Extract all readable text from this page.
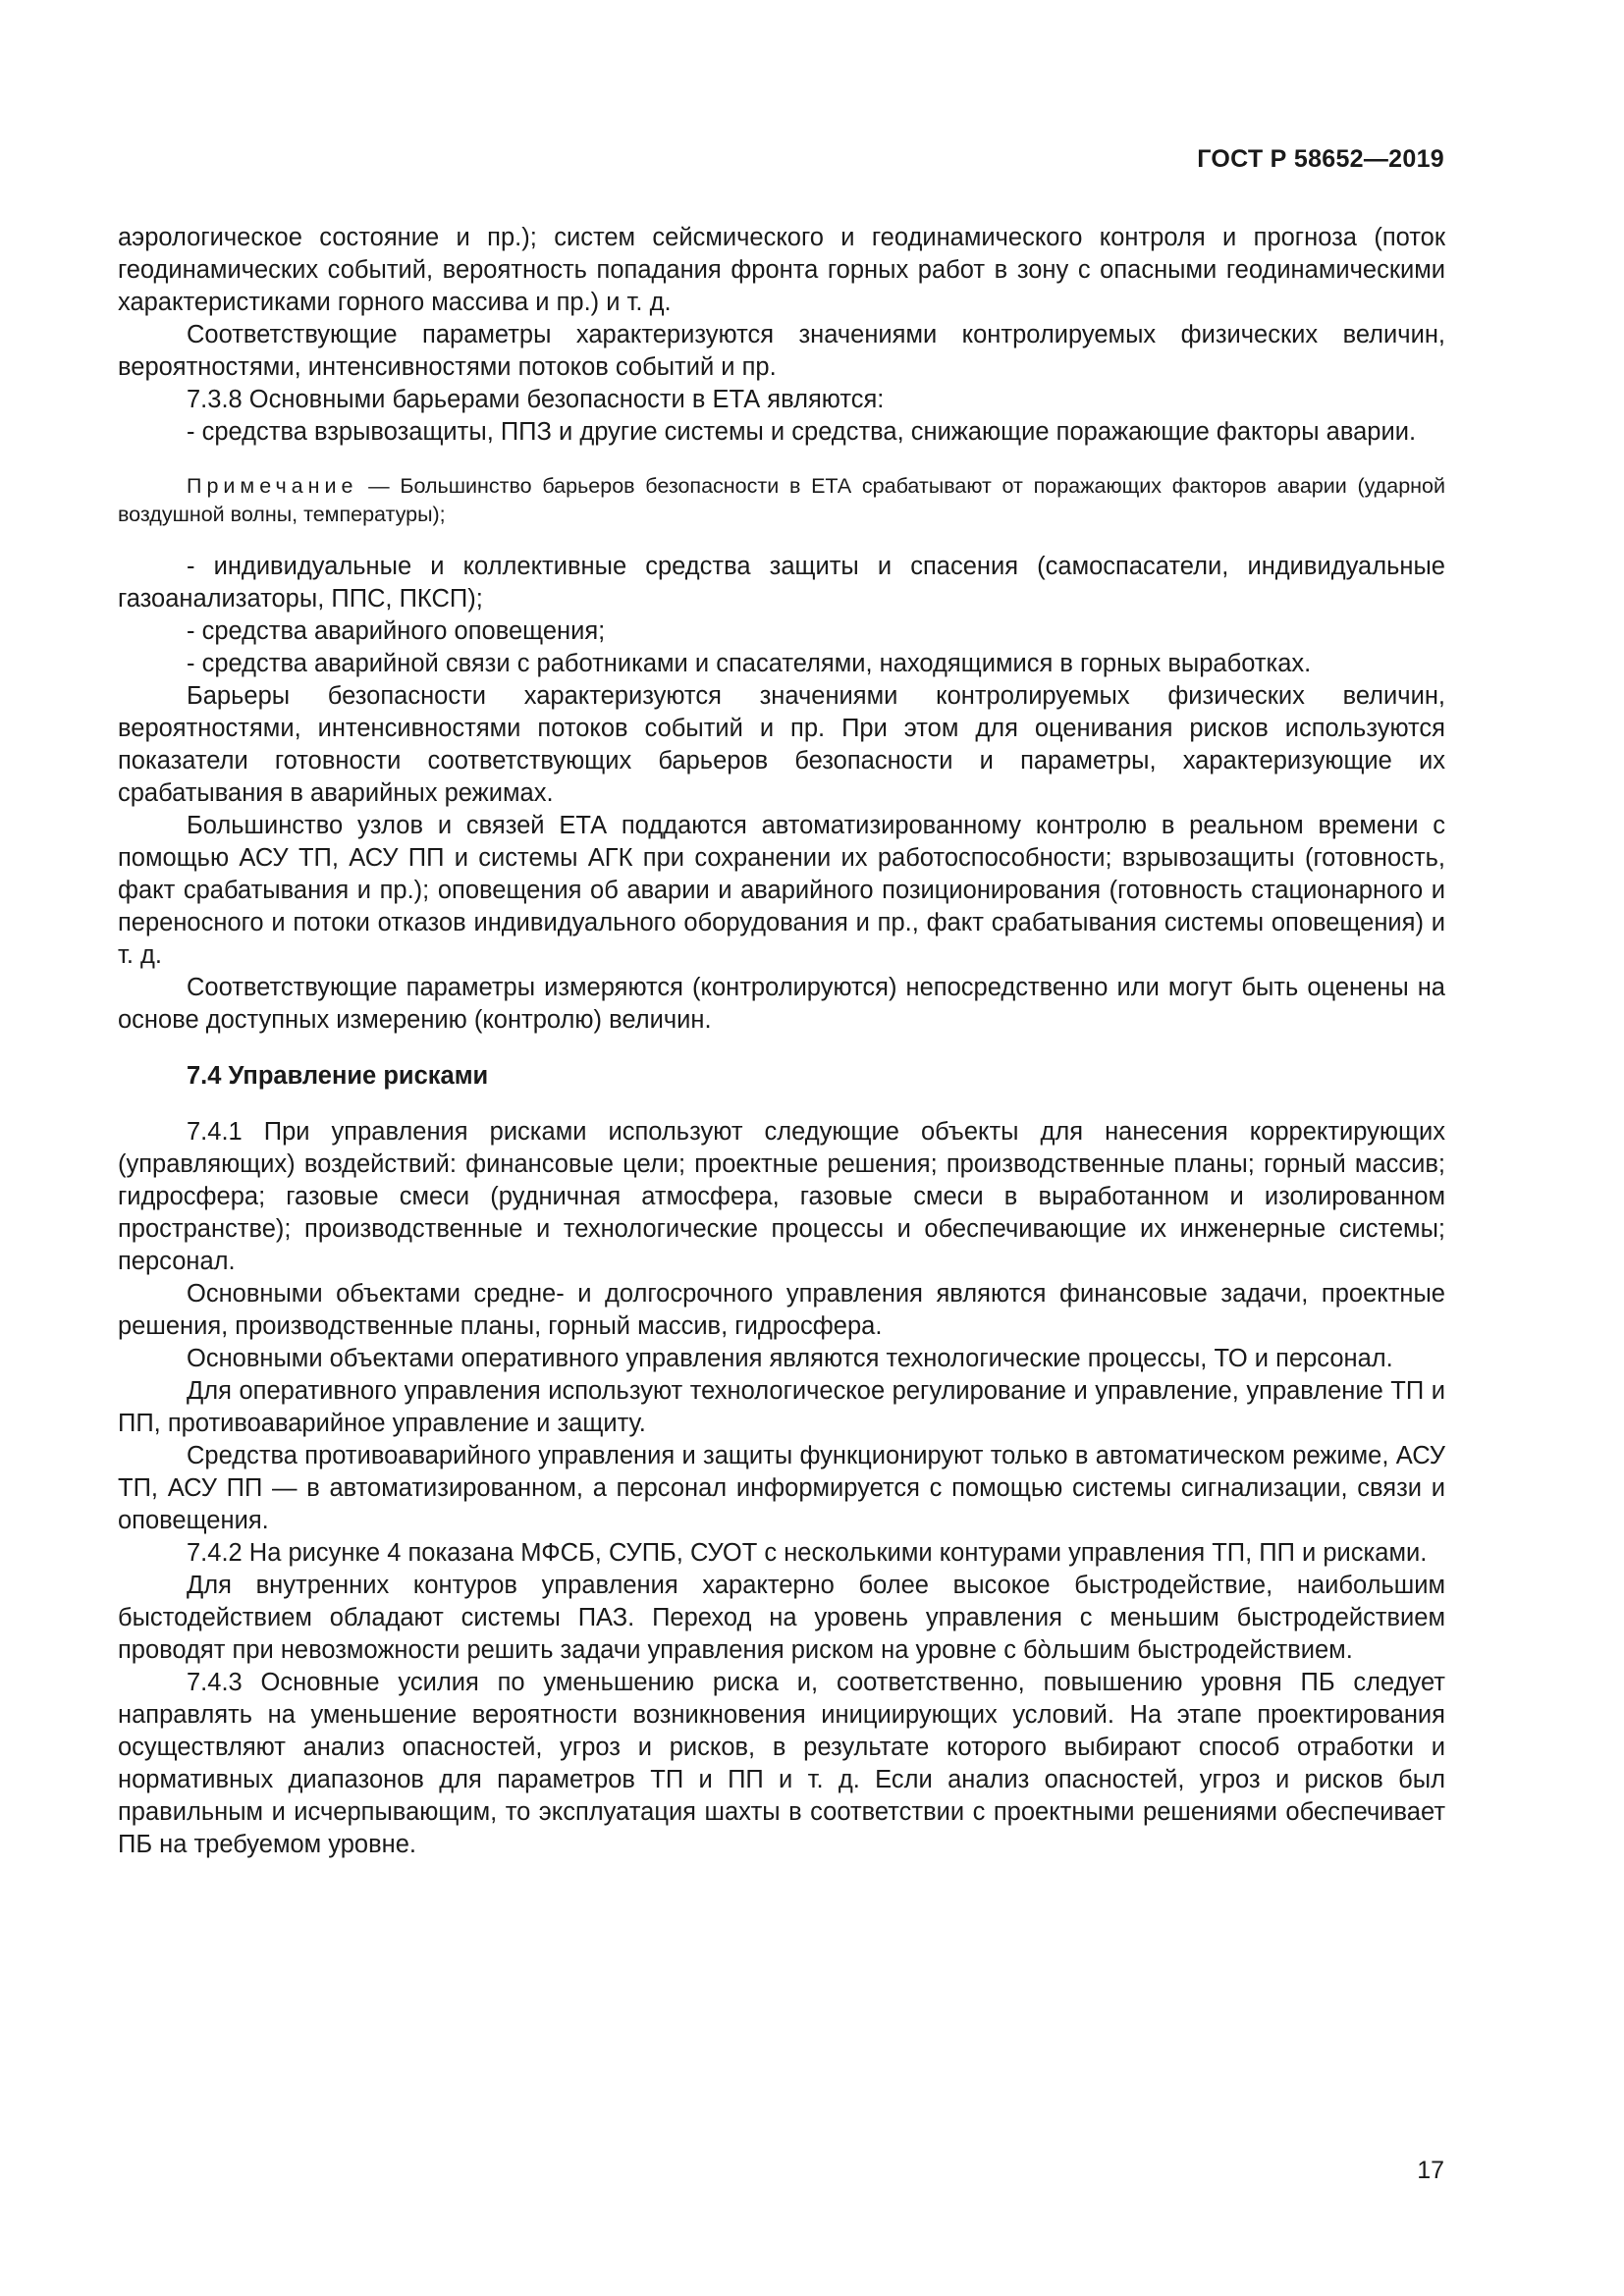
ГОСТ Р 58652—2019

аэрологическое состояние и пр.); систем сейсмического и геодинамического контроля и прогноза (поток геодинамических событий, вероятность попадания фронта горных работ в зону с опасными геодинамическими характеристиками горного массива и пр.) и т. д.

Соответствующие параметры характеризуются значениями контролируемых физических величин, вероятностями, интенсивностями потоков событий и пр.

7.3.8 Основными барьерами безопасности в ЕТА являются:

- средства взрывозащиты, ППЗ и другие системы и средства, снижающие поражающие факторы аварии.

Примечание — Большинство барьеров безопасности в ЕТА срабатывают от поражающих факторов аварии (ударной воздушной волны, температуры);

- индивидуальные и коллективные средства защиты и спасения (самоспасатели, индивидуальные газоанализаторы, ППС, ПКСП);

- средства аварийного оповещения;

- средства аварийной связи с работниками и спасателями, находящимися в горных выработках.

Барьеры безопасности характеризуются значениями контролируемых физических величин, вероятностями, интенсивностями потоков событий и пр. При этом для оценивания рисков используются показатели готовности соответствующих барьеров безопасности и параметры, характеризующие их срабатывания в аварийных режимах.

Большинство узлов и связей ЕТА поддаются автоматизированному контролю в реальном времени с помощью АСУ ТП, АСУ ПП и системы АГК при сохранении их работоспособности; взрывозащиты (готовность, факт срабатывания и пр.); оповещения об аварии и аварийного позиционирования (готовность стационарного и переносного и потоки отказов индивидуального оборудования и пр., факт срабатывания системы оповещения) и т. д.

Соответствующие параметры измеряются (контролируются) непосредственно или могут быть оценены на основе доступных измерению (контролю) величин.

7.4 Управление рисками

7.4.1 При управления рисками используют следующие объекты для нанесения корректирующих (управляющих) воздействий: финансовые цели; проектные решения; производственные планы; горный массив; гидросфера; газовые смеси (рудничная атмосфера, газовые смеси в выработанном и изолированном пространстве); производственные и технологические процессы и обеспечивающие их инженерные системы; персонал.

Основными объектами средне- и долгосрочного управления являются финансовые задачи, проектные решения, производственные планы, горный массив, гидросфера.

Основными объектами оперативного управления являются технологические процессы, ТО и персонал.

Для оперативного управления используют технологическое регулирование и управление, управление ТП и ПП, противоаварийное управление и защиту.

Средства противоаварийного управления и защиты функционируют только в автоматическом режиме, АСУ ТП, АСУ ПП — в автоматизированном, а персонал информируется с помощью системы сигнализации, связи и оповещения.

7.4.2 На рисунке 4 показана МФСБ, СУПБ, СУОТ с несколькими контурами управления ТП, ПП и рисками.

Для внутренних контуров управления характерно более высокое быстродействие, наибольшим быстодействием обладают системы ПАЗ. Переход на уровень управления с меньшим быстродействием проводят при невозможности решить задачи управления риском на уровне с бо̀льшим быстродействием.

7.4.3 Основные усилия по уменьшению риска и, соответственно, повышению уровня ПБ следует направлять на уменьшение вероятности возникновения инициирующих условий. На этапе проектирования осуществляют анализ опасностей, угроз и рисков, в результате которого выбирают способ отработки и нормативных диапазонов для параметров ТП и ПП и т. д. Если анализ опасностей, угроз и рисков был правильным и исчерпывающим, то эксплуатация шахты в соответствии с проектными решениями обеспечивает ПБ на требуемом уровне.

17
